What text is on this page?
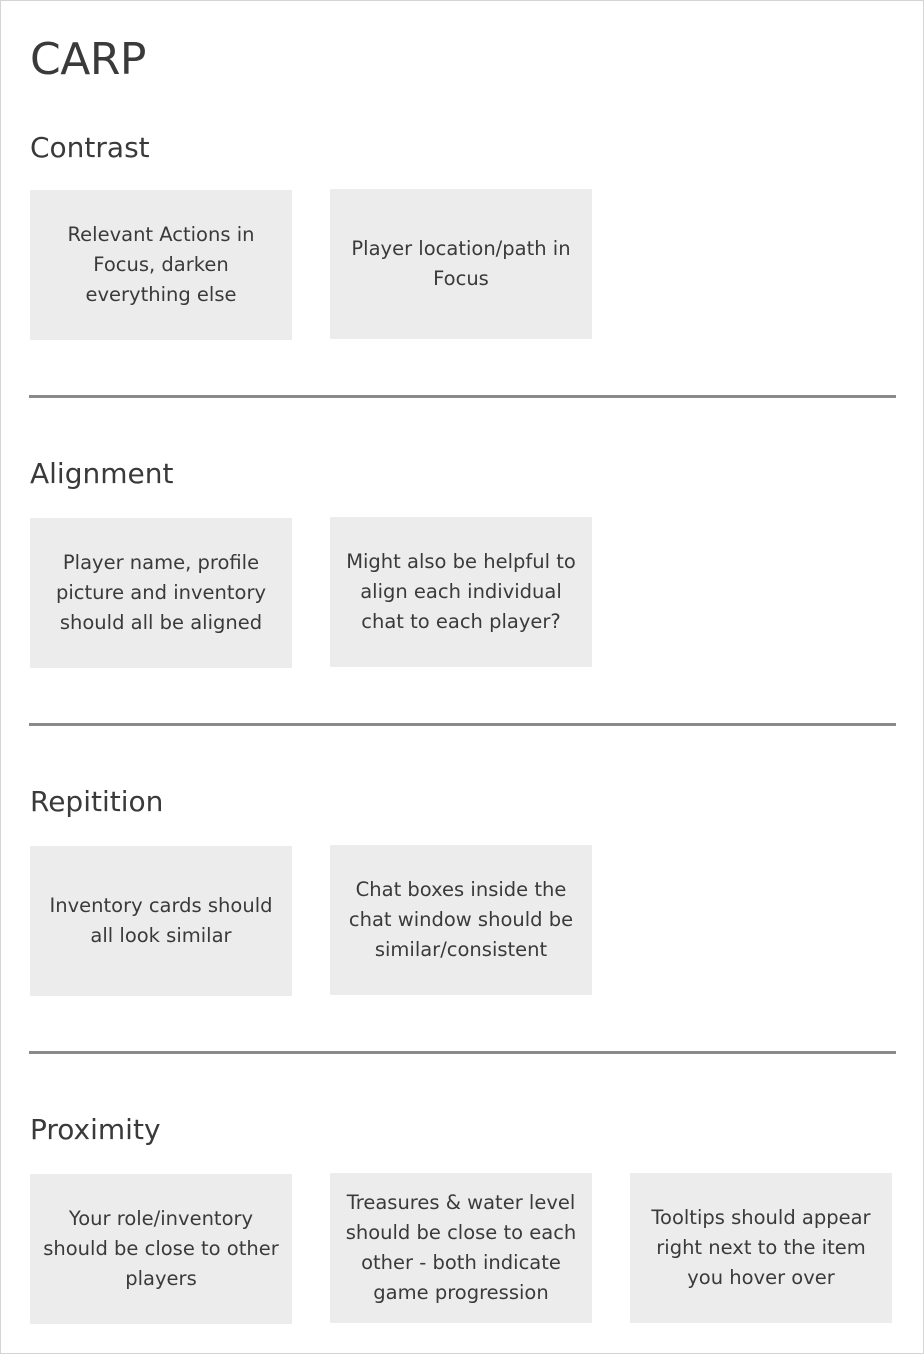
CARP
Contrast
Relevant Actions in Focus, darken everything else
Player location/path in Focus
Alignment
Player name, profile picture and inventory should all be aligned
Might also be helpful to align each individual chat to each player?
Repitition
Inventory cards should all look similar
Chat boxes inside the chat window should be similar/consistent
Proximity
Your role/inventory should be close to other players
Treasures & water level should be close to each other - both indicate game progression
Tooltips should appear right next to the item you hover over
